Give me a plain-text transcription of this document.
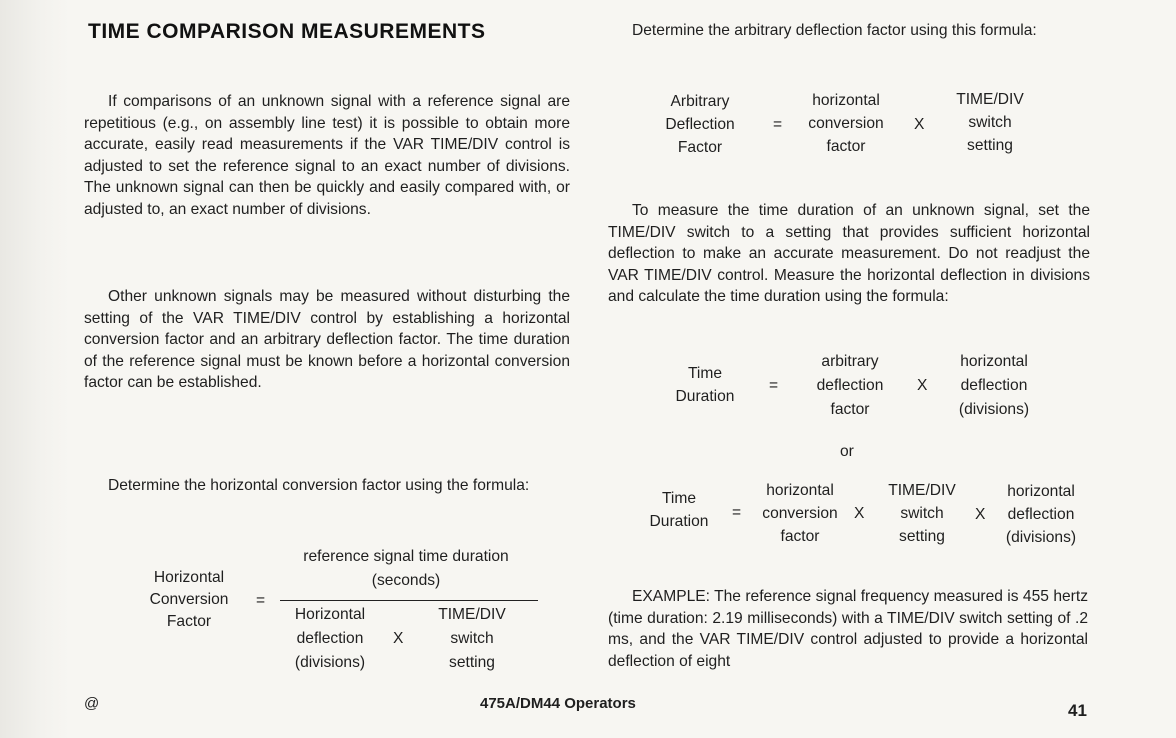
TIME COMPARISON MEASUREMENTS

If comparisons of an unknown signal with a reference signal are repetitious (e.g., on assembly line test) it is possible to obtain more accurate, easily read measurements if the VAR TIME/DIV control is adjusted to set the reference signal to an exact number of divisions. The unknown signal can then be quickly and easily compared with, or adjusted to, an exact number of divisions.

Other unknown signals may be measured without disturbing the setting of the VAR TIME/DIV control by establishing a horizontal conversion factor and an arbitrary deflection factor. The time duration of the reference signal must be known before a horizontal conversion factor can be established.

Determine the horizontal conversion factor using the formula:

Horizontal
Conversion
Factor
=
reference signal time duration
(seconds)
Horizontal
deflection
(divisions)
X
TIME/DIV
switch
setting

Determine the arbitrary deflection factor using this formula:

Arbitrary
Deflection
Factor
=
horizontal
conversion
factor
X
TIME/DIV
switch
setting

To measure the time duration of an unknown signal, set the TIME/DIV switch to a setting that provides sufficient horizontal deflection to make an accurate measurement. Do not readjust the VAR TIME/DIV control. Measure the horizontal deflection in divisions and calculate the time duration using the formula:

Time
Duration
=
arbitrary
deflection
factor
X
horizontal
deflection
(divisions)
or
Time
Duration
=
horizontal
conversion
factor
X
TIME/DIV
switch
setting
X
horizontal
deflection
(divisions)

EXAMPLE: The reference signal frequency measured is 455 hertz (time duration: 2.19 milliseconds) with a TIME/DIV switch setting of .2 ms, and the VAR TIME/DIV control adjusted to provide a horizontal deflection of eight

@	475A/DM44 Operators	41
